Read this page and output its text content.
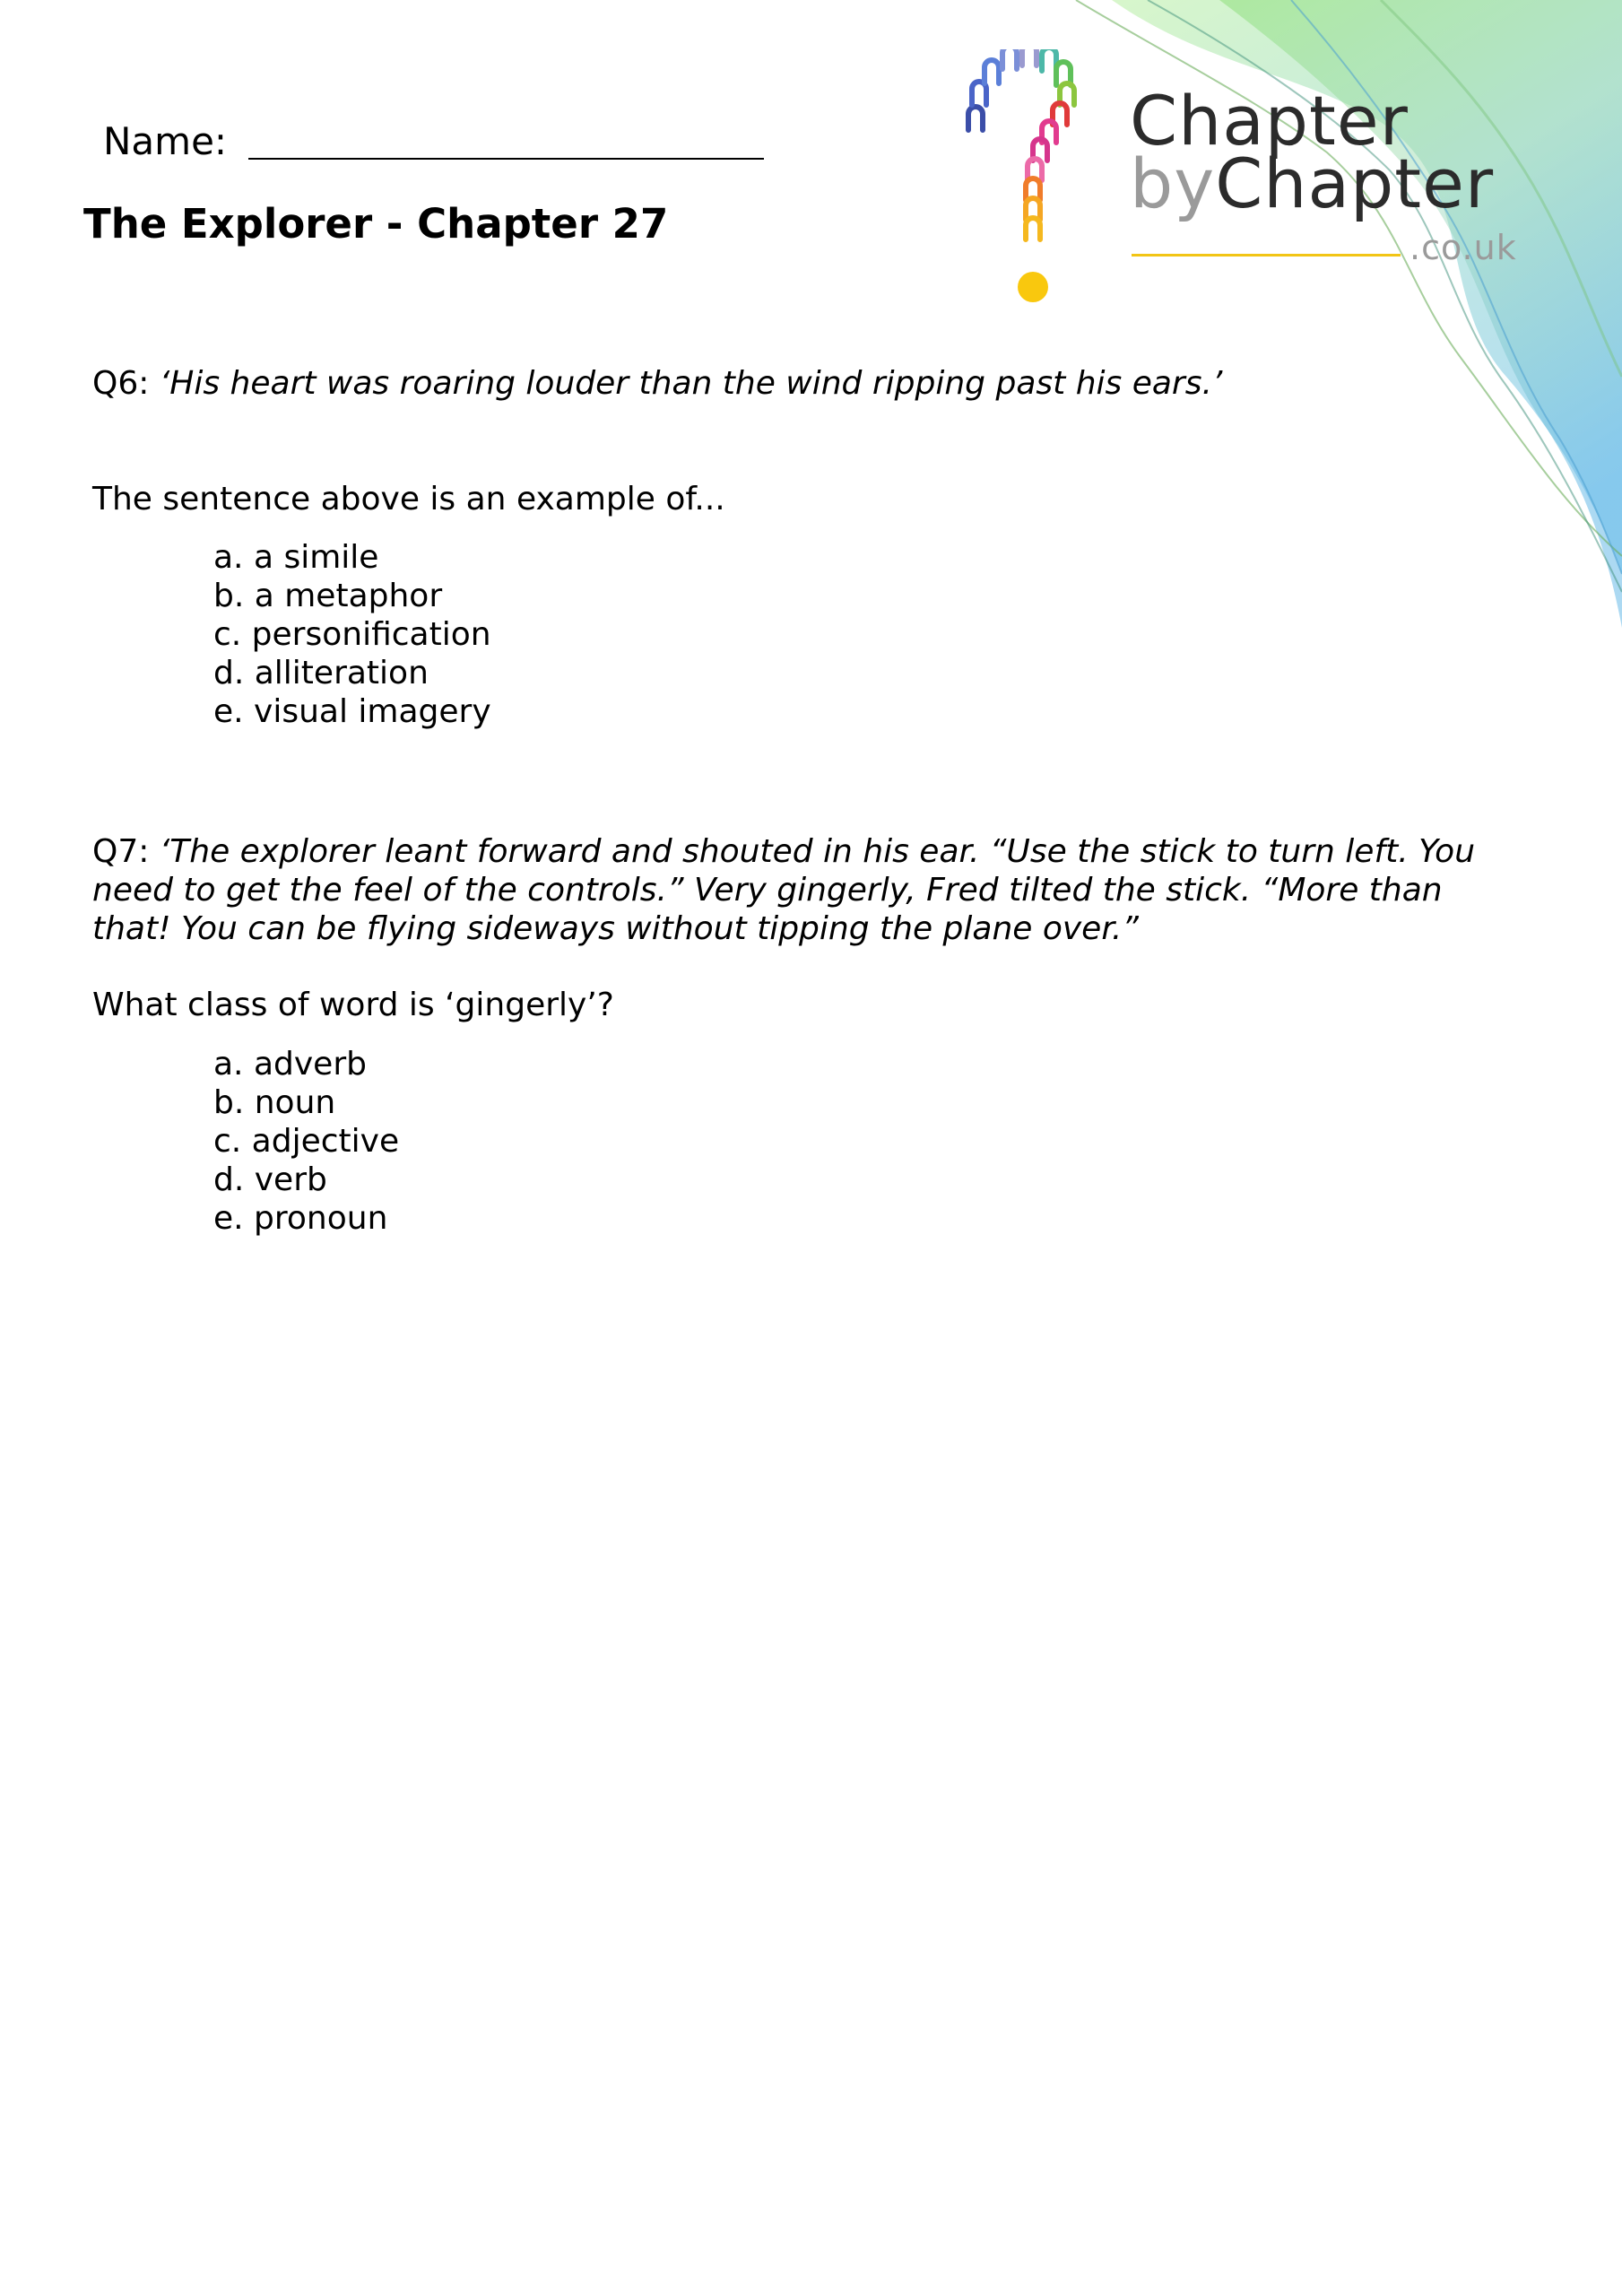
Chapter
byChapter
.co.uk
Name:
The Explorer - Chapter 27
Q6: ‘His heart was roaring louder than the wind ripping past his ears.’
The sentence above is an example of...
a. a simile
b. a metaphor
c. personification
d. alliteration
e. visual imagery
Q7: ‘The explorer leant forward and shouted in his ear. “Use the stick to turn left. You
need to get the feel of the controls.” Very gingerly, Fred tilted the stick. “More than
that! You can be flying sideways without tipping the plane over.”
What class of word is ‘gingerly’?
a. adverb
b. noun
c. adjective
d. verb
e. pronoun
